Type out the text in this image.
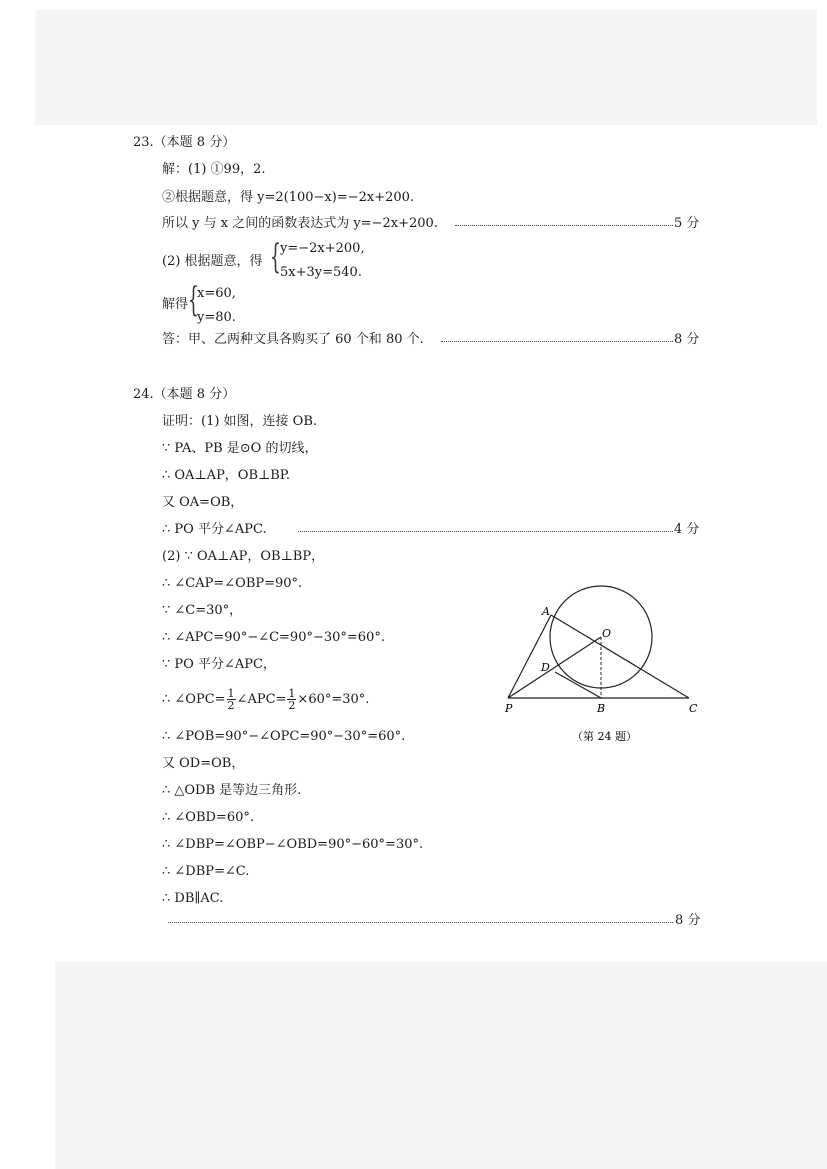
23.（本题 8 分）
解：(1) ①99，2.
②根据题意，得 y=2(100−x)=−2x+200.
所以 y 与 x 之间的函数表达式为 y=−2x+200.	5 分
(2) 根据题意，得 { y=−2x+200,
5x+3y=540.
解得 {
x=60,
y=80.
答：甲、乙两种文具各购买了 60 个和 80 个.	8 分
24.（本题 8 分）
证明：(1) 如图，连接 OB.
∵ PA、PB 是⊙O 的切线，
∴ OA⊥AP，OB⊥BP.
又 OA=OB，
∴ PO 平分∠APC.	4 分
(2) ∵ OA⊥AP，OB⊥BP，
∴ ∠CAP=∠OBP=90°.
∵ ∠C=30°，
∴ ∠APC=90°−∠C=90°−30°=60°.
∵ PO 平分∠APC，
∴ ∠OPC= $\frac{1}{2}$ ∠APC= $\frac{1}{2} \times 60^\circ=30^\circ$.
∴ ∠POB=90°−∠OPC=90°−30°=60°.
又 OD=OB，
∴ △ODB 是等边三角形.
∴ ∠OBD=60°.
∴ ∠DBP=∠OBP−∠OBD=90°−60°=30°.
∴ ∠DBP=∠C.
∴ DB∥AC.
8 分
A
O
D
P	B	C
（第 24 题）
